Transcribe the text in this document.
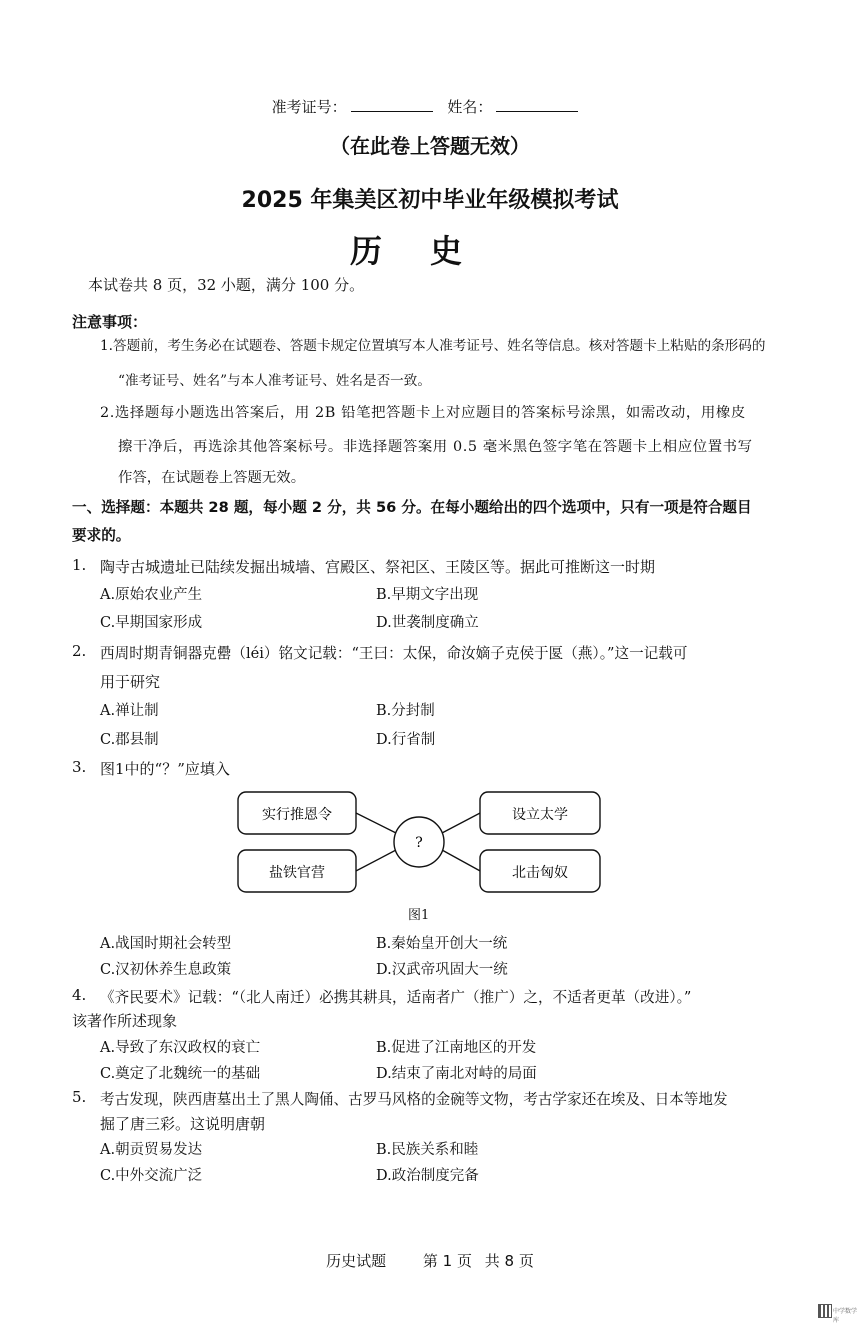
准考证号：	姓名：
（在此卷上答题无效）
2025 年集美区初中毕业年级模拟考试
历史
本试卷共 8 页，32 小题，满分 100 分。
注意事项：
1.答题前，考生务必在试题卷、答题卡规定位置填写本人准考证号、姓名等信息。核对答题卡上粘贴的条形码的
“准考证号、姓名”与本人准考证号、姓名是否一致。
2.选择题每小题选出答案后，用 2B 铅笔把答题卡上对应题目的答案标号涂黑，如需改动，用橡皮
擦干净后，再选涂其他答案标号。非选择题答案用 0.5 毫米黑色签字笔在答题卡上相应位置书写
作答，在试题卷上答题无效。
一、选择题：本题共 28 题，每小题 2 分，共 56 分。在每小题给出的四个选项中，只有一项是符合题目
要求的。
1. 陶寺古城遗址已陆续发掘出城墙、宫殿区、祭祀区、王陵区等。据此可推断这一时期
A.原始农业产生	B.早期文字出现
C.早期国家形成	D.世袭制度确立
2. 西周时期青铜器克罍（léi）铭文记载：“王曰：太保，命汝嫡子克侯于匽（燕）。”这一记载可
用于研究
A.禅让制	B.分封制
C.郡县制	D.行省制
3. 图1中的“？”应填入
实行推恩令
盐铁官营
设立太学
北击匈奴
?
图1
A.战国时期社会转型	B.秦始皇开创大一统
C.汉初休养生息政策	D.汉武帝巩固大一统
4. 《齐民要术》记载：“（北人南迁）必携其耕具，适南者广（推广）之，不适者更革（改进）。”
该著作所述现象
A.导致了东汉政权的衰亡	B.促进了江南地区的开发
C.奠定了北魏统一的基础	D.结束了南北对峙的局面
5. 考古发现，陕西唐墓出土了黑人陶俑、古罗马风格的金碗等文物，考古学家还在埃及、日本等地发
掘了唐三彩。这说明唐朝
A.朝贡贸易发达	B.民族关系和睦
C.中外交流广泛	D.政治制度完备
历史试题 第 1 页 共 8 页
中学数学库
